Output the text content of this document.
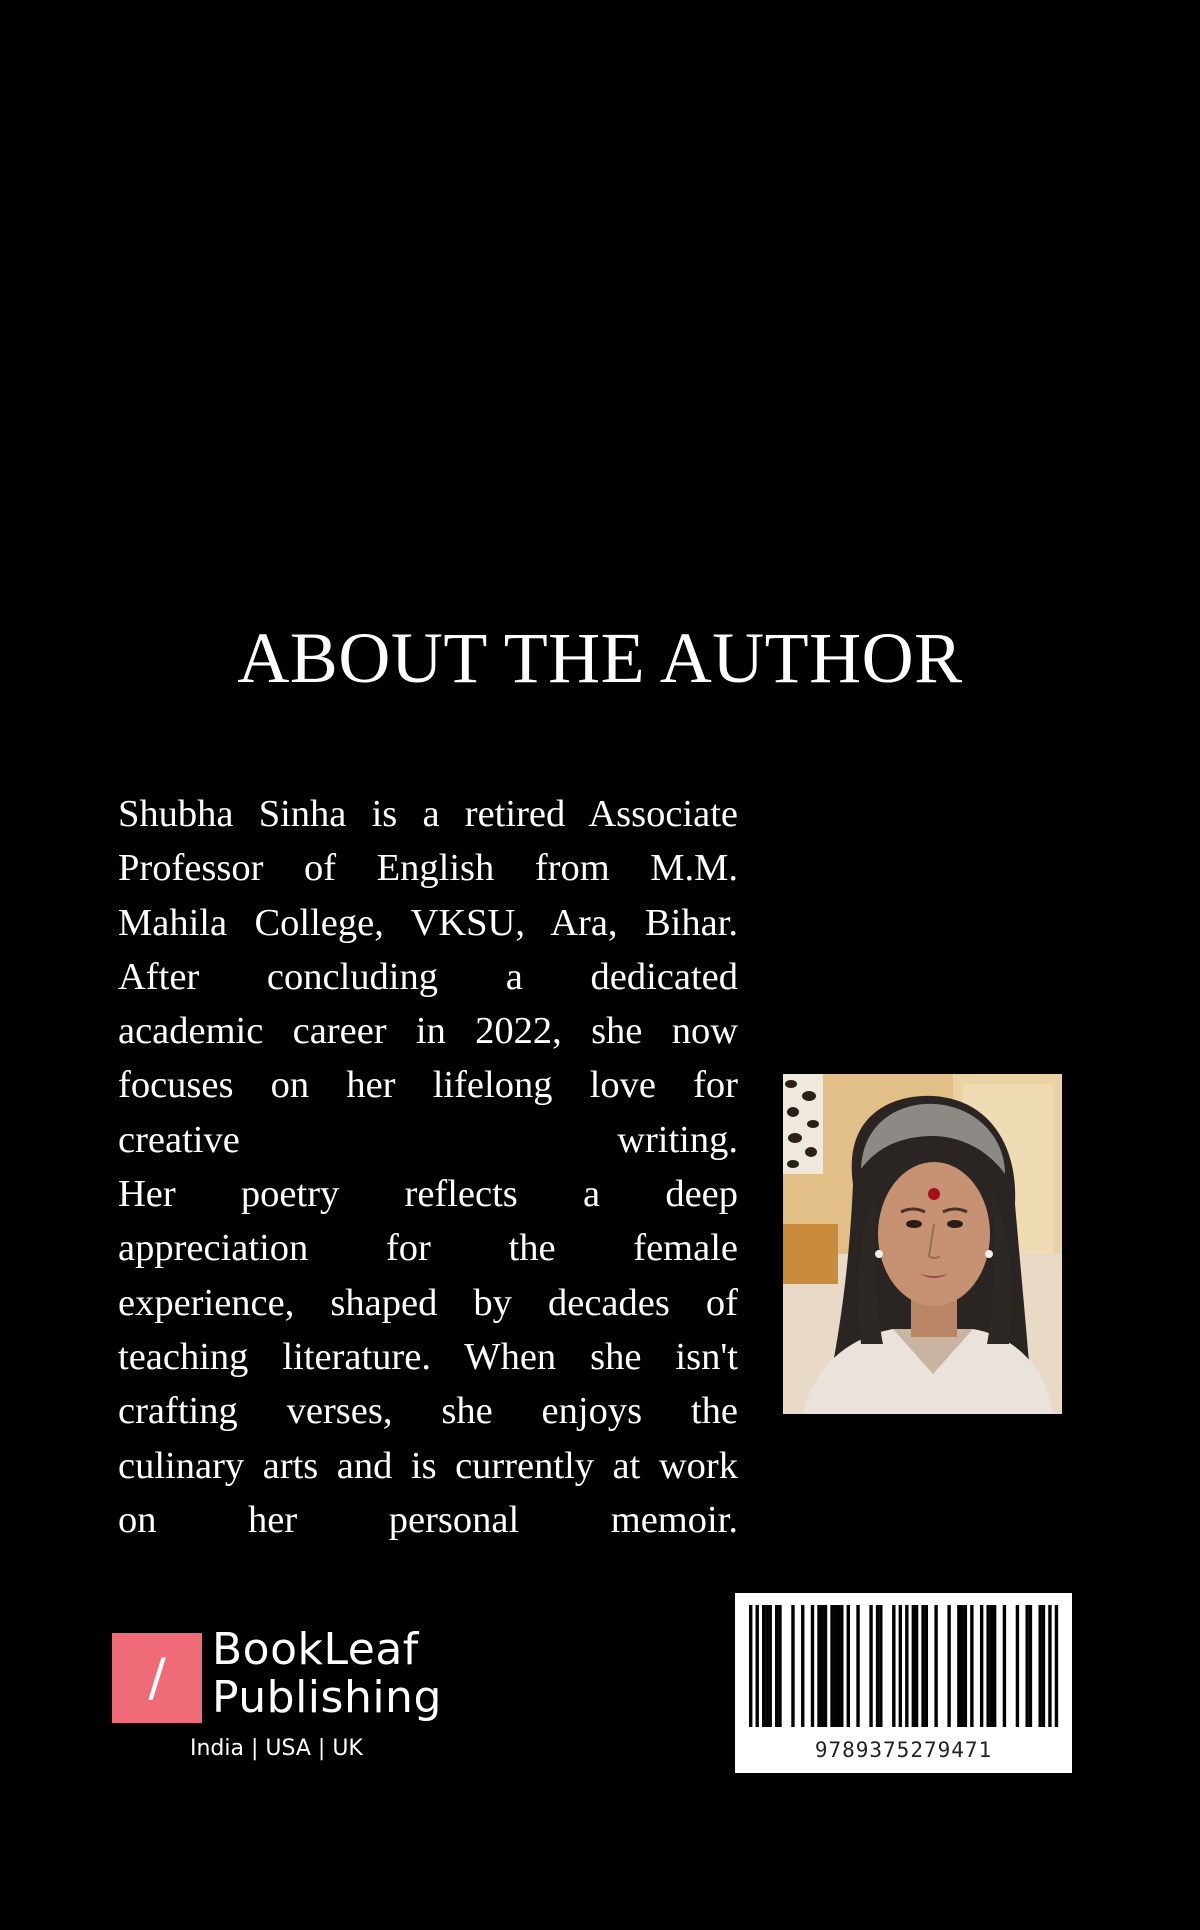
ABOUT THE AUTHOR
Shubha Sinha is a retired Associate
Professor of English from M.M.
Mahila College, VKSU, Ara, Bihar.
After concluding a dedicated
academic career in 2022, she now
focuses on her lifelong love for
creative writing.
Her poetry reflects a deep
appreciation for the female
experience, shaped by decades of
teaching literature. When she isn't
crafting verses, she enjoys the
culinary arts and is currently at work
on her personal memoir.
/	BookLeaf
Publishing
India | USA | UK	9789375279471
